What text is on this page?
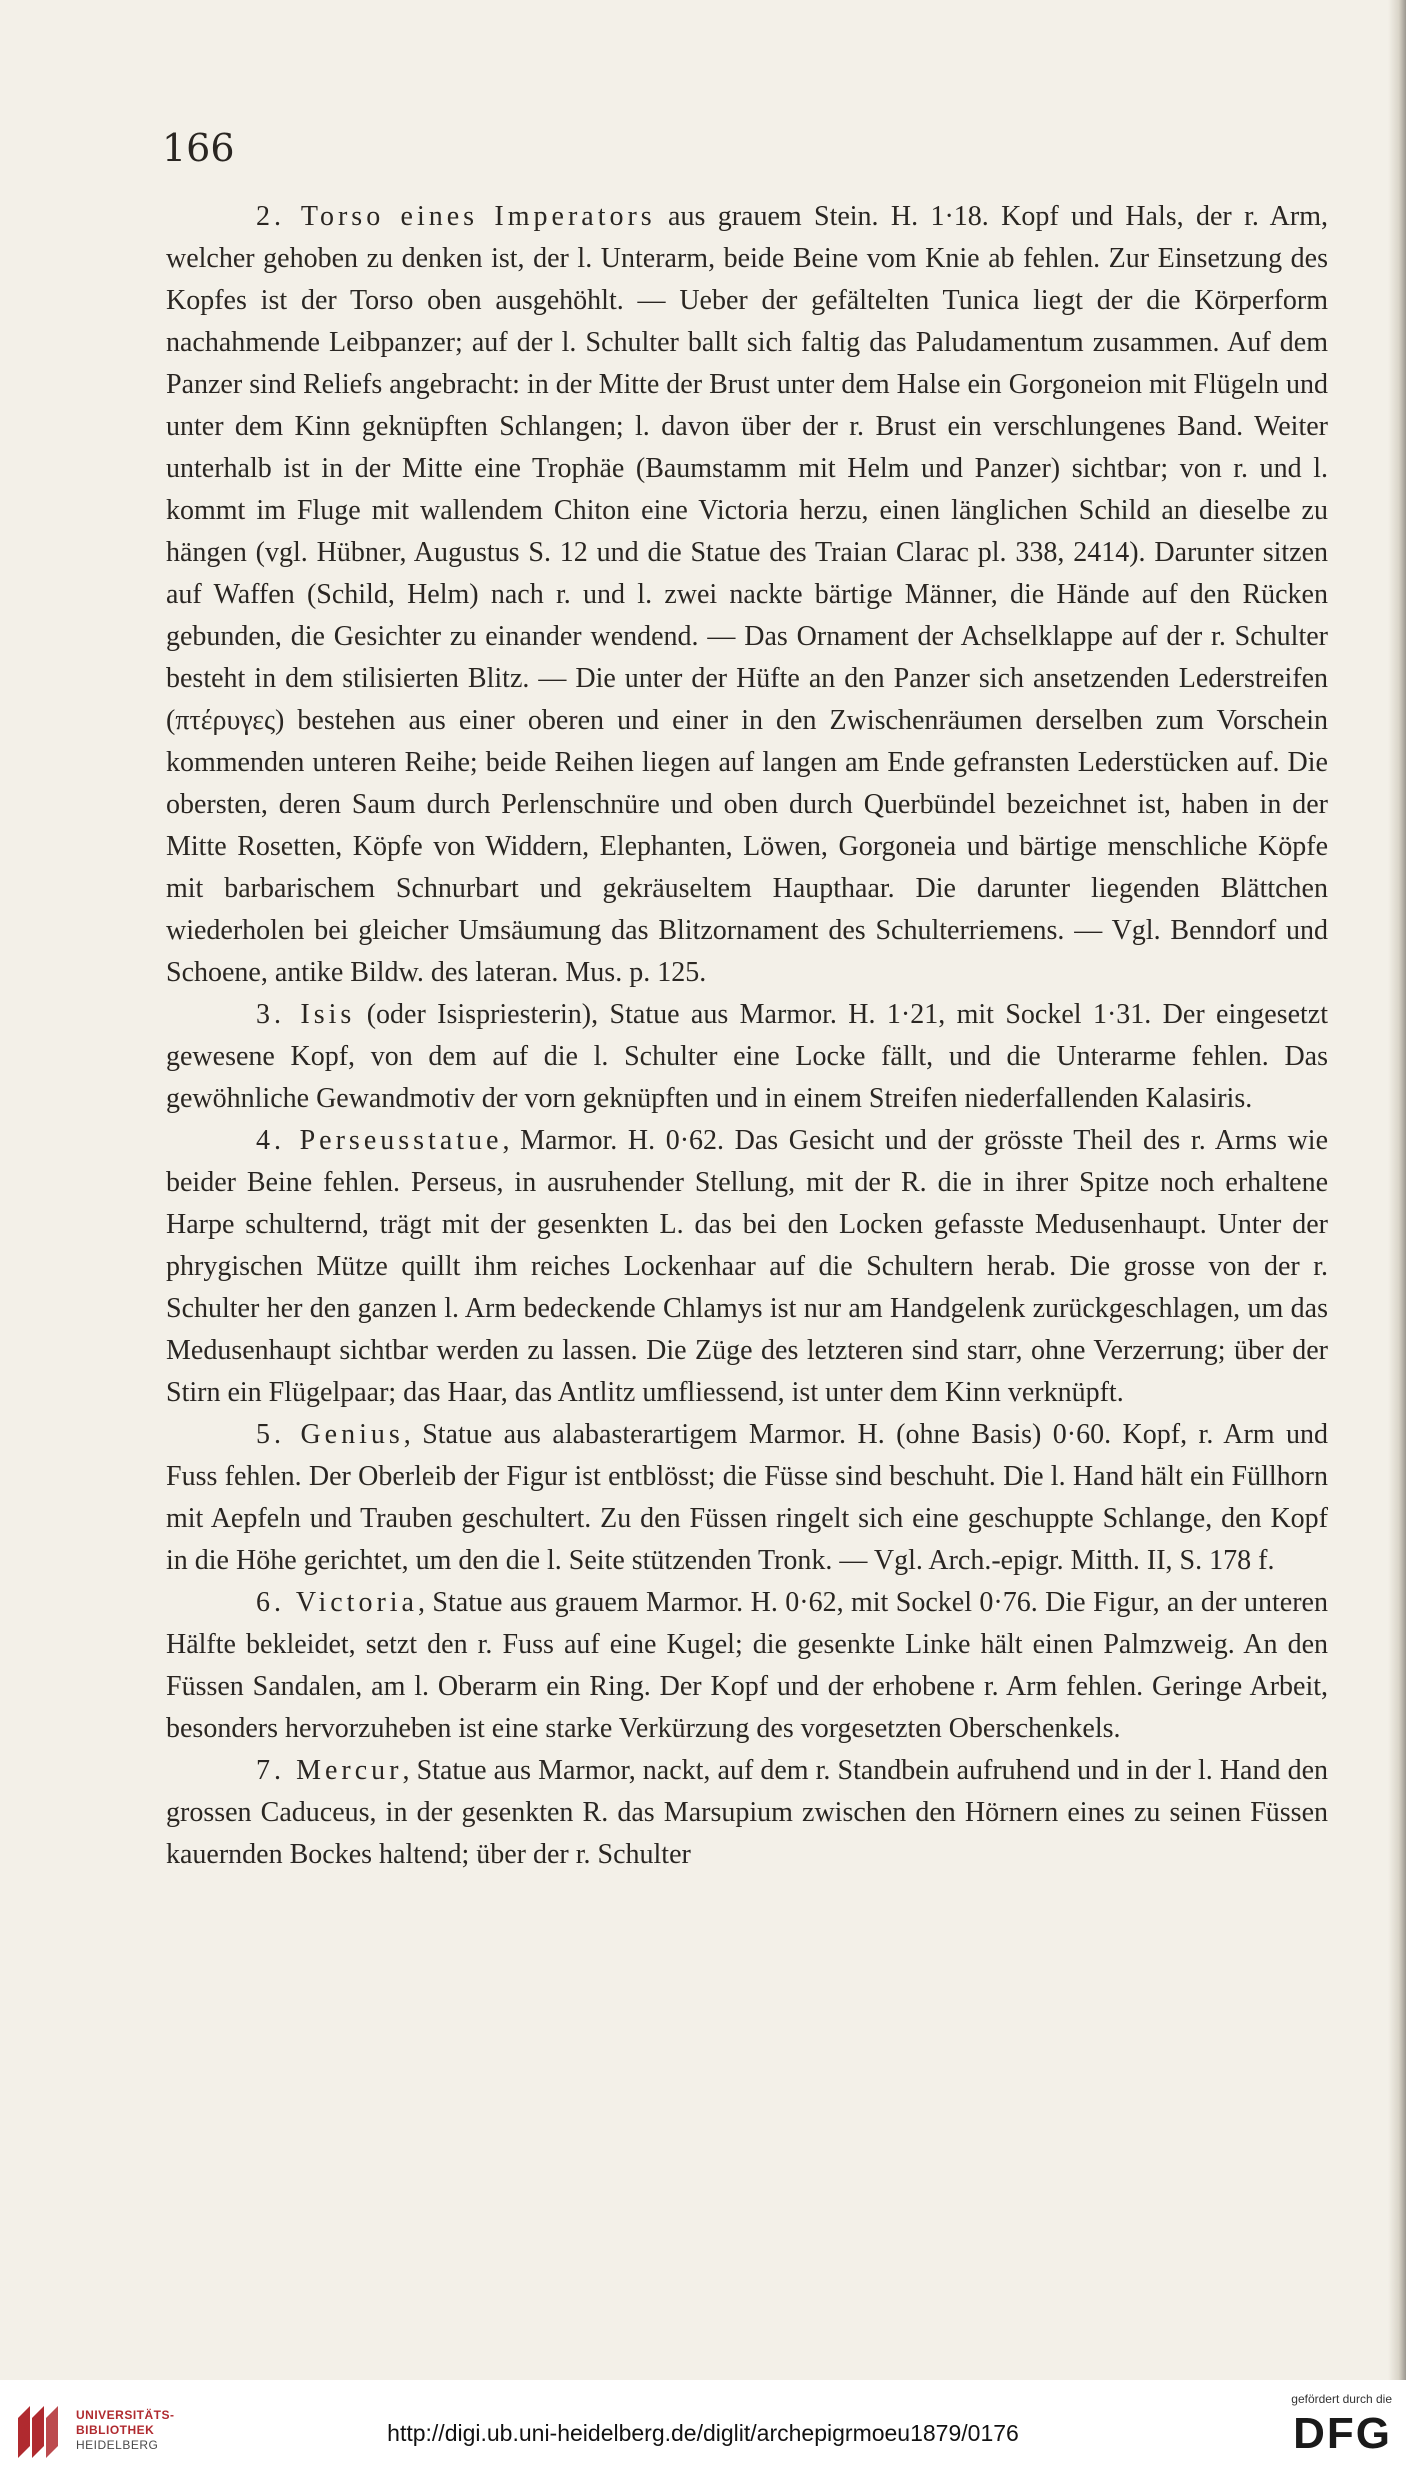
166

2. Torso eines Imperators aus grauem Stein. H. 1·18. Kopf und Hals, der r. Arm, welcher gehoben zu denken ist, der l. Unterarm, beide Beine vom Knie ab fehlen. Zur Einsetzung des Kopfes ist der Torso oben ausgehöhlt. — Ueber der gefältelten Tunica liegt der die Körperform nachahmende Leibpanzer; auf der l. Schulter ballt sich faltig das Paludamentum zusammen. Auf dem Panzer sind Reliefs angebracht: in der Mitte der Brust unter dem Halse ein Gorgoneion mit Flügeln und unter dem Kinn geknüpften Schlangen; l. davon über der r. Brust ein verschlungenes Band. Weiter unterhalb ist in der Mitte eine Trophäe (Baumstamm mit Helm und Panzer) sichtbar; von r. und l. kommt im Fluge mit wallendem Chiton eine Victoria herzu, einen länglichen Schild an dieselbe zu hängen (vgl. Hübner, Augustus S. 12 und die Statue des Traian Clarac pl. 338, 2414). Darunter sitzen auf Waffen (Schild, Helm) nach r. und l. zwei nackte bärtige Männer, die Hände auf den Rücken gebunden, die Gesichter zu einander wendend. — Das Ornament der Achselklappe auf der r. Schulter besteht in dem stilisierten Blitz. — Die unter der Hüfte an den Panzer sich ansetzenden Lederstreifen (πτέρυγες) bestehen aus einer oberen und einer in den Zwischenräumen derselben zum Vorschein kommenden unteren Reihe; beide Reihen liegen auf langen am Ende gefransten Lederstücken auf. Die obersten, deren Saum durch Perlenschnüre und oben durch Querbündel bezeichnet ist, haben in der Mitte Rosetten, Köpfe von Widdern, Elephanten, Löwen, Gorgoneia und bärtige menschliche Köpfe mit barbarischem Schnurbart und gekräuseltem Haupthaar. Die darunter liegenden Blättchen wiederholen bei gleicher Umsäumung das Blitzornament des Schulterriemens. — Vgl. Benndorf und Schoene, antike Bildw. des lateran. Mus. p. 125.

3. Isis (oder Isispriesterin), Statue aus Marmor. H. 1·21, mit Sockel 1·31. Der eingesetzt gewesene Kopf, von dem auf die l. Schulter eine Locke fällt, und die Unterarme fehlen. Das gewöhnliche Gewandmotiv der vorn geknüpften und in einem Streifen niederfallenden Kalasiris.

4. Perseusstatue, Marmor. H. 0·62. Das Gesicht und der grösste Theil des r. Arms wie beider Beine fehlen. Perseus, in ausruhender Stellung, mit der R. die in ihrer Spitze noch erhaltene Harpe schulternd, trägt mit der gesenkten L. das bei den Locken gefasste Medusenhaupt. Unter der phrygischen Mütze quillt ihm reiches Lockenhaar auf die Schultern herab. Die grosse von der r. Schulter her den ganzen l. Arm bedeckende Chlamys ist nur am Handgelenk zurückgeschlagen, um das Medusenhaupt sichtbar werden zu lassen. Die Züge des letzteren sind starr, ohne Verzerrung; über der Stirn ein Flügelpaar; das Haar, das Antlitz umfliessend, ist unter dem Kinn verknüpft.

5. Genius, Statue aus alabasterartigem Marmor. H. (ohne Basis) 0·60. Kopf, r. Arm und Fuss fehlen. Der Oberleib der Figur ist entblösst; die Füsse sind beschuht. Die l. Hand hält ein Füllhorn mit Aepfeln und Trauben geschultert. Zu den Füssen ringelt sich eine geschuppte Schlange, den Kopf in die Höhe gerichtet, um den die l. Seite stützenden Tronk. — Vgl. Arch.-epigr. Mitth. II, S. 178 f.

6. Victoria, Statue aus grauem Marmor. H. 0·62, mit Sockel 0·76. Die Figur, an der unteren Hälfte bekleidet, setzt den r. Fuss auf eine Kugel; die gesenkte Linke hält einen Palmzweig. An den Füssen Sandalen, am l. Oberarm ein Ring. Der Kopf und der erhobene r. Arm fehlen. Geringe Arbeit, besonders hervorzuheben ist eine starke Verkürzung des vorgesetzten Oberschenkels.

7. Mercur, Statue aus Marmor, nackt, auf dem r. Standbein aufruhend und in der l. Hand den grossen Caduceus, in der gesenkten R. das Marsupium zwischen den Hörnern eines zu seinen Füssen kauernden Bockes haltend; über der r. Schulter

UNIVERSITÄTS-
BIBLIOTHEK
HEIDELBERG	http://digi.ub.uni-heidelberg.de/diglit/archepigrmoeu1879/0176
gefördert durch die
DFG
